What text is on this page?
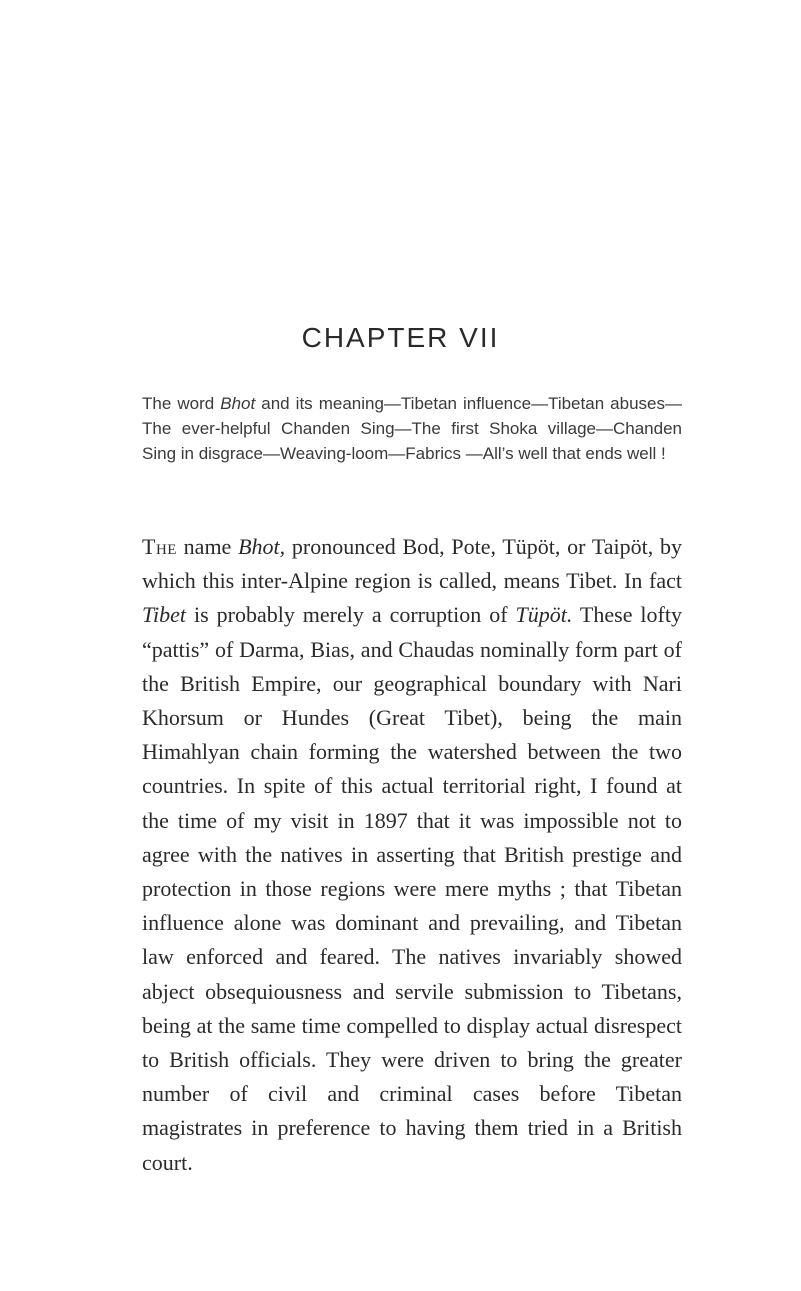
CHAPTER VII

The word Bhot and its meaning—Tibetan influence—Tibetan abuses—The ever-helpful Chanden Sing—The first Shoka village—Chanden Sing in disgrace—Weaving-loom—Fabrics —All’s well that ends well !

The name Bhot, pronounced Bod, Pote, Tüpöt, or Taipöt, by which this inter-Alpine region is called, means Tibet. In fact Tibet is probably merely a corruption of Tüpöt. These lofty “pattis” of Darma, Bias, and Chaudas nominally form part of the British Empire, our geographical boundary with Nari Khorsum or Hundes (Great Tibet), being the main Himahlyan chain forming the watershed between the two countries. In spite of this actual territorial right, I found at the time of my visit in 1897 that it was impossible not to agree with the natives in asserting that British prestige and protection in those regions were mere myths ; that Tibetan influence alone was dominant and prevailing, and Tibetan law enforced and feared. The natives invariably showed abject obsequiousness and servile submission to Tibetans, being at the same time compelled to display actual disrespect to British officials. They were driven to bring the greater number of civil and criminal cases before Tibetan magistrates in preference to having them tried in a British court.
